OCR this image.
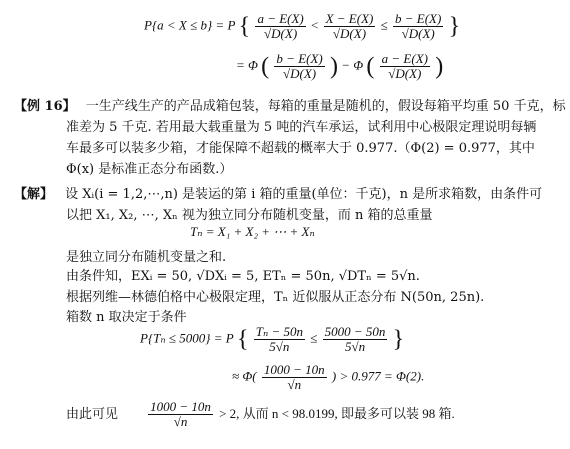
P{a < X ≤ b} = P { $\frac{a - E(X)}{√D(X)} < \frac{X - E(X)}{√D(X)} \le \frac{b - E(X)}{√D(X)}$ }
= Φ ( $\frac{b - E(X)}{√D(X)}$ ) − Φ ( $\frac{a - E(X)}{√D(X)}$ )
【例 16】 一生产线生产的产品成箱包装，每箱的重量是随机的，假设每箱平均重 50 千克，标
准差为 5 千克. 若用最大载重量为 5 吨的汽车承运，试利用中心极限定理说明每辆
车最多可以装多少箱，才能保障不超载的概率大于 0.977.（Φ(2) = 0.977，其中
Φ(x) 是标准正态分布函数.）
【解】 设 Xᵢ(i = 1,2,⋯,n) 是装运的第 i 箱的重量(单位：千克)，n 是所求箱数，由条件可
以把 X₁, X₂, ⋯, Xₙ 视为独立同分布随机变量，而 n 箱的总重量
Tₙ = X₁ + X₂ + ⋯ + Xₙ
是独立同分布随机变量之和.
由条件知，EXᵢ = 50, √DXᵢ = 5, ETₙ = 50n, √DTₙ = 5√n.
根据列维—林德伯格中心极限定理，Tₙ 近似服从正态分布 N(50n, 25n).
箱数 n 取决定于条件
P{Tₙ ≤ 5000} = P { $\frac{\text{Tₙ − 50n}}{5√n} \le \frac{5000 - 50n}{5√n}$ }
≈ $\Phi( \frac{1000 - 10n}{√n}$ ) > 0.977 = Φ(2).
由此可见 $\frac{1000 - 10n}{√n} > 2$, 从而 n < 98.0199, 即最多可以装 98 箱.
